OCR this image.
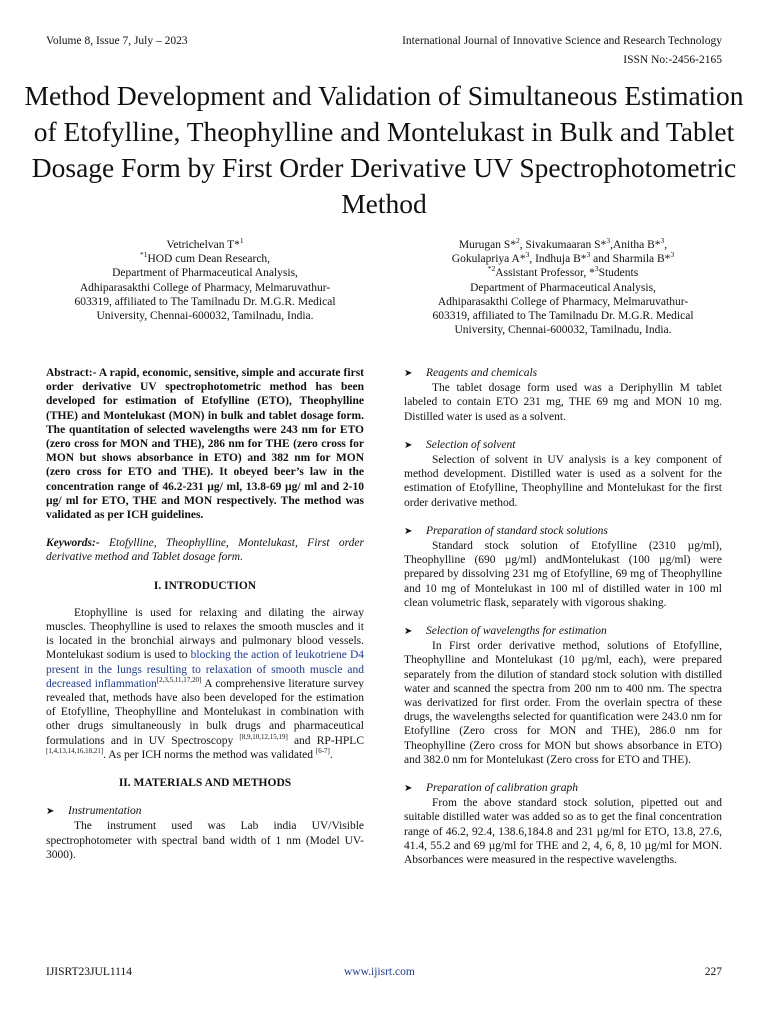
Volume 8, Issue 7, July – 2023	International Journal of Innovative Science and Research Technology
ISSN No:-2456-2165
Method Development and Validation of Simultaneous Estimation of Etofylline, Theophylline and Montelukast in Bulk and Tablet Dosage Form by First Order Derivative UV Spectrophotometric Method
Vetrichelvan T*$^1$
$^{*1}$HOD cum Dean Research,
Department of Pharmaceutical Analysis,
Adhiparasakthi College of Pharmacy, Melmaruvathur-
603319, affiliated to The Tamilnadu Dr. M.G.R. Medical
University, Chennai-600032, Tamilnadu, India.
Murugan S*$^2$, Sivakumaaran S*$^3$,Anitha B*$^3$,
Gokulapriya A*$^3$, Indhuja B*$^3$ and Sharmila B*$^3$
$^{*2}$Assistant Professor, *$^3$Students
Department of Pharmaceutical Analysis,
Adhiparasakthi College of Pharmacy, Melmaruvathur-
603319, affiliated to The Tamilnadu Dr. M.G.R. Medical
University, Chennai-600032, Tamilnadu, India.

Abstract:- A rapid, economic, sensitive, simple and accurate first order derivative UV spectrophotometric method has been developed for estimation of Etofylline (ETO), Theophylline (THE) and Montelukast (MON) in bulk and tablet dosage form. The quantitation of selected wavelengths were 243 nm for ETO (zero cross for MON and THE), 286 nm for THE (zero cross for MON but shows absorbance in ETO) and 382 nm for MON (zero cross for ETO and THE). It obeyed beer’s law in the concentration range of 46.2-231 µg/ ml, 13.8-69 µg/ ml and 2-10 µg/ ml for ETO, THE and MON respectively. The method was validated as per ICH guidelines.

Keywords:- Etofylline, Theophylline, Montelukast, First order derivative method and Tablet dosage form.

I. INTRODUCTION

Etophylline is used for relaxing and dilating the airway muscles. Theophylline is used to relaxes the smooth muscles and it is located in the bronchial airways and pulmonary blood vessels. Montelukast sodium is used to blocking the action of leukotriene D4 present in the lungs resulting to relaxation of smooth muscle and decreased inflammation[2,3,5,11,17,20] A comprehensive literature survey revealed that, methods have also been developed for the estimation of Etofylline, Theophylline and Montelukast in combination with other drugs simultaneously in bulk drugs and pharmaceutical formulations and in UV Spectroscopy [8,9,10,12,15,19] and RP-HPLC [1,4,13,14,16,18,21]. As per ICH norms the method was validated [6-7].

II. MATERIALS AND METHODS

➤ Instrumentation

The instrument used was Lab india UV/Visible spectrophotometer with spectral band width of 1 nm (Model UV- 3000).

➤ Reagents and chemicals

The tablet dosage form used was a Deriphyllin M tablet labeled to contain ETO 231 mg, THE 69 mg and MON 10 mg. Distilled water is used as a solvent.

➤ Selection of solvent

Selection of solvent in UV analysis is a key component of method development. Distilled water is used as a solvent for the estimation of Etofylline, Theophylline and Montelukast for the first order derivative method.

➤ Preparation of standard stock solutions

Standard stock solution of Etofylline (2310 µg/ml), Theophylline (690 µg/ml) andMontelukast (100 µg/ml) were prepared by dissolving 231 mg of Etofylline, 69 mg of Theophylline and 10 mg of Montelukast in 100 ml of distilled water in 100 ml clean volumetric flask, separately with vigorous shaking.

➤ Selection of wavelengths for estimation

In First order derivative method, solutions of Etofylline, Theophylline and Montelukast (10 µg/ml, each), were prepared separately from the dilution of standard stock solution with distilled water and scanned the spectra from 200 nm to 400 nm. The spectra was derivatized for first order. From the overlain spectra of these drugs, the wavelengths selected for quantification were 243.0 nm for Etofylline (Zero cross for MON and THE), 286.0 nm for Theophylline (Zero cross for MON but shows absorbance in ETO) and 382.0 nm for Montelukast (Zero cross for ETO and THE).

➤ Preparation of calibration graph

From the above standard stock solution, pipetted out and suitable distilled water was added so as to get the final concentration range of 46.2, 92.4, 138.6,184.8 and 231 µg/ml for ETO, 13.8, 27.6, 41.4, 55.2 and 69 µg/ml for THE and 2, 4, 6, 8, 10 µg/ml for MON. Absorbances were measured in the respective wavelengths.

IJISRT23JUL1114	www.ijisrt.com	227
